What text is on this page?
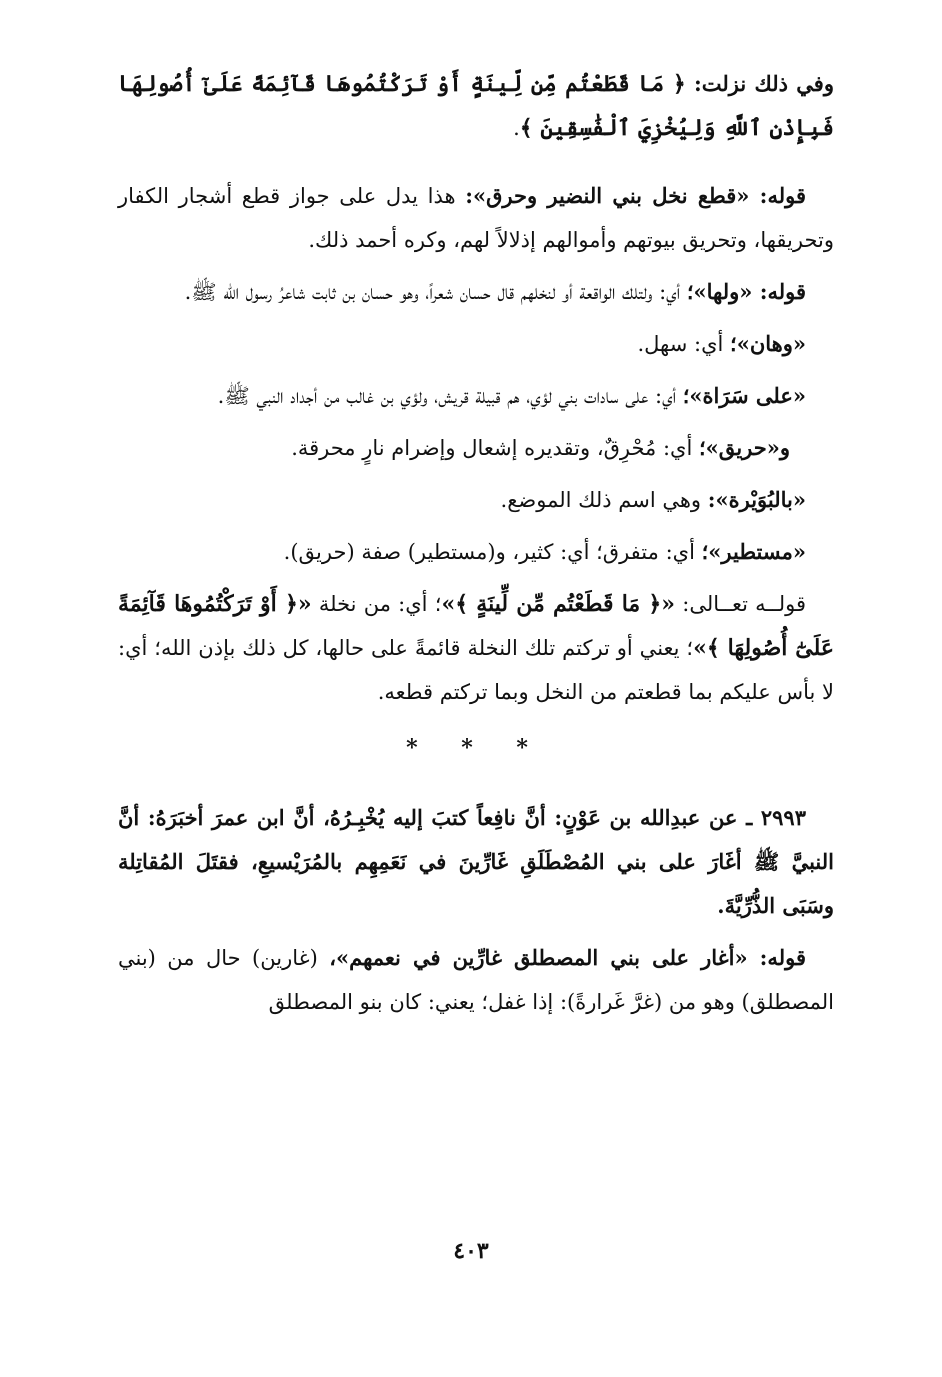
وفي ذلك نزلت: ﴿ مَا قَطَعْتُم مِّن لِّينَةٍ أَوْ تَرَكْتُمُوهَا قَآئِمَةً عَلَىٰٓ أُصُولِهَا فَبِإِذْنِ ٱللَّهِ وَلِيُخْزِيَ ٱلْفَٰسِقِينَ ﴾.

قوله: «قطع نخل بني النضير وحرق»: هذا يدل على جواز قطع أشجار الكفار وتحريقها، وتحريق بيوتهم وأموالهم إذلالاً لهم، وكره أحمد ذلك.

قوله: «ولها»؛ أي: ولتلك الواقعة أو لنخلهم قال حسان شعراً، وهو حسان بن ثابت شاعرُ رسول الله ﷺ.

«وهان»؛ أي: سهل.

«على سَرَاة»؛ أي: على سادات بني لؤي، هم قبيلة قريش، ولؤي بن غالب من أجداد النبي ﷺ.

و«حريق»؛ أي: مُحْرِقٌ، وتقديره إشعال وإضرام نارٍ محرقة.

«بالبُوَيْرة»: وهي اسم ذلك الموضع.

«مستطير»؛ أي: متفرق؛ أي: كثير، و(مستطير) صفة (حريق).

قولــه تعــالى: «﴿ مَا قَطَعْتُم مِّن لِّينَةٍ ﴾»؛ أي: من نخلة «﴿ أَوْ تَرَكْتُمُوهَا قَآئِمَةً عَلَىٰٓ أُصُولِهَا ﴾»؛ يعني أو تركتم تلك النخلة قائمةً على حالها، كل ذلك بإذن الله؛ أي: لا بأس عليكم بما قطعتم من النخل وبما تركتم قطعه.

* * *

٢٩٩٣ ـ عن عبدِالله بن عَوْنٍ: أنَّ نافِعاً كتبَ إليه يُخْبِـرُهُ، أنَّ ابن عمرَ أخبَرَهُ: أنَّ النبيَّ ﷺ أغَارَ على بني المُصْطَلَقِ غَارِّينَ في نَعَمِهِم بالمُرَيْسيعِ، فقتَلَ المُقاتِلة وسَبَى الذُّرِّيَّةَ.

قوله: «أغار على بني المصطلق غارِّين في نعمهم»، (غارين) حال من (بني المصطلق) وهو من (غرَّ غَرارةً): إذا غفل؛ يعني: كان بنو المصطلق

٤٠٣
